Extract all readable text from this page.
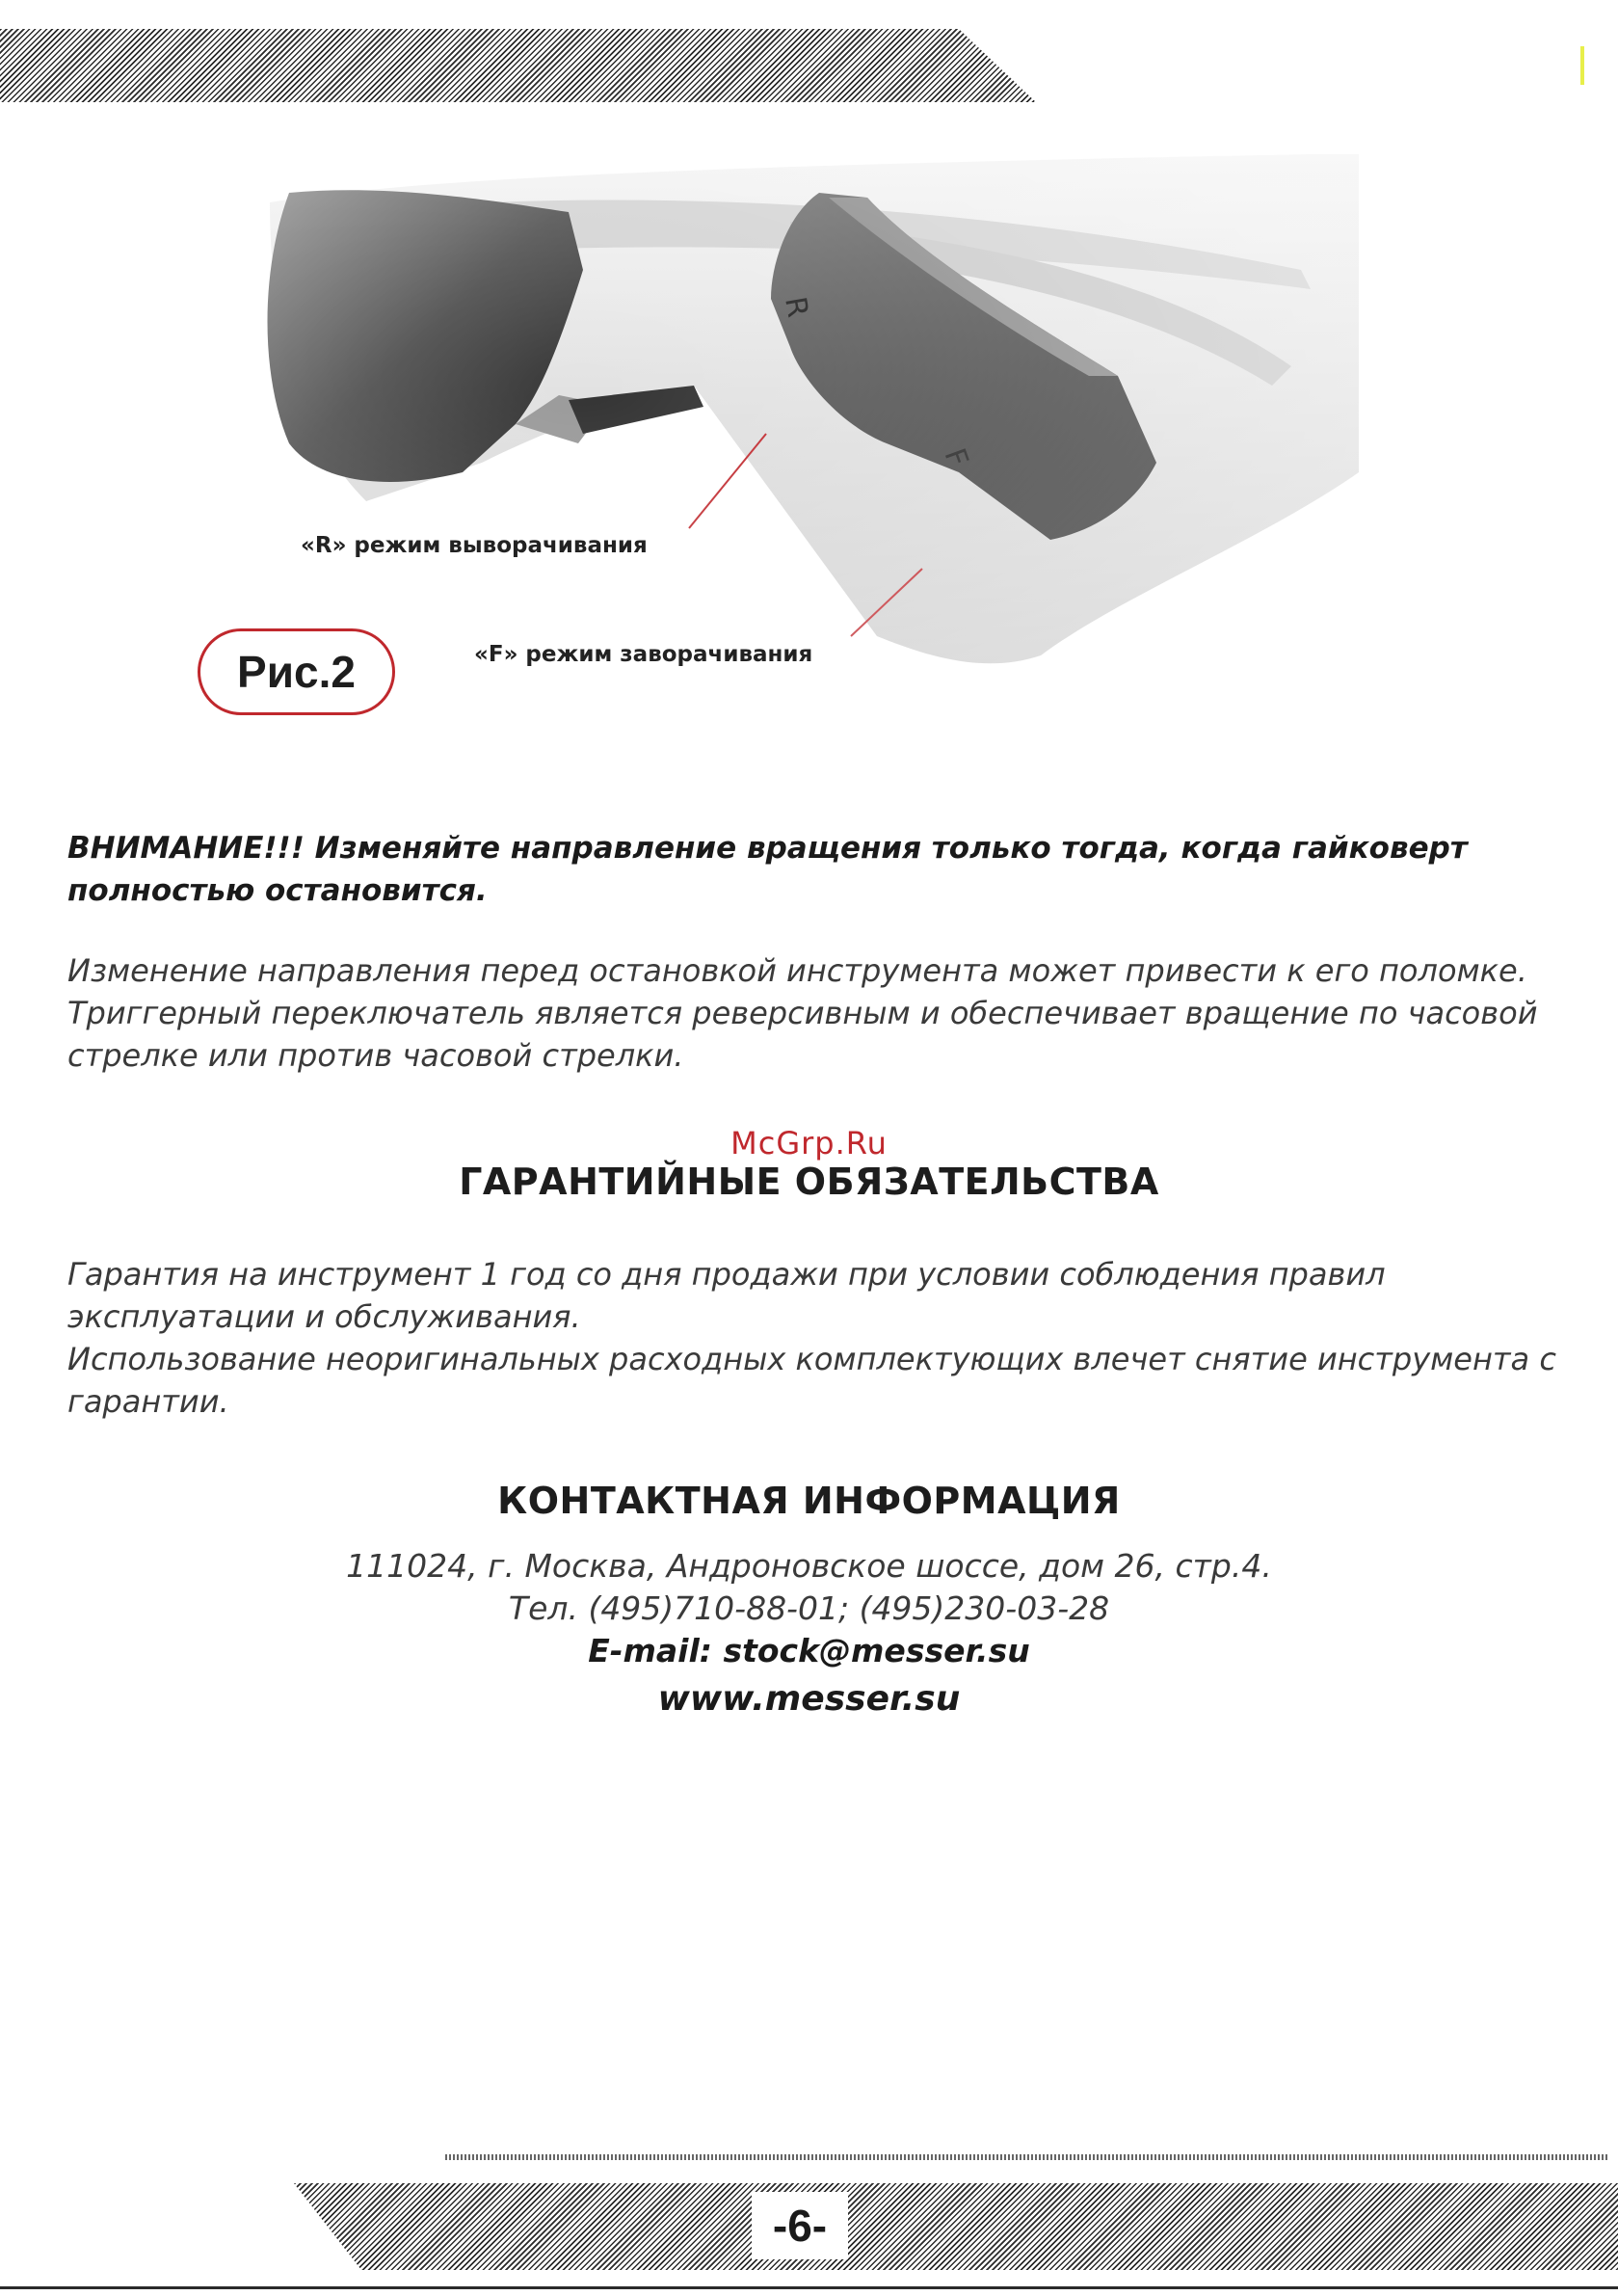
R
F
«R» режим выворачивания
«F» режим заворачивания
Рис.2
ВНИМАНИЕ!!! Изменяйте направление вращения только тогда, когда гайковерт полностью остановится.
Изменение направления перед остановкой инструмента может привести к его поломке. Триггерный переключатель является реверсивным и обеспечивает вращение по часовой стрелке или против часовой стрелки.
McGrp.Ru
ГАРАНТИЙНЫЕ ОБЯЗАТЕЛЬСТВА
Гарантия на инструмент 1 год со дня продажи при условии соблюдения правил эксплуатации и обслуживания.
Использование неоригинальных расходных комплектующих влечет снятие инструмента с гарантии.
КОНТАКТНАЯ ИНФОРМАЦИЯ
111024, г. Москва, Андроновское шоссе, дом 26, стр.4.
Тел. (495)710-88-01; (495)230-03-28
E-mail: stock@messer.su
www.messer.su
-6-
